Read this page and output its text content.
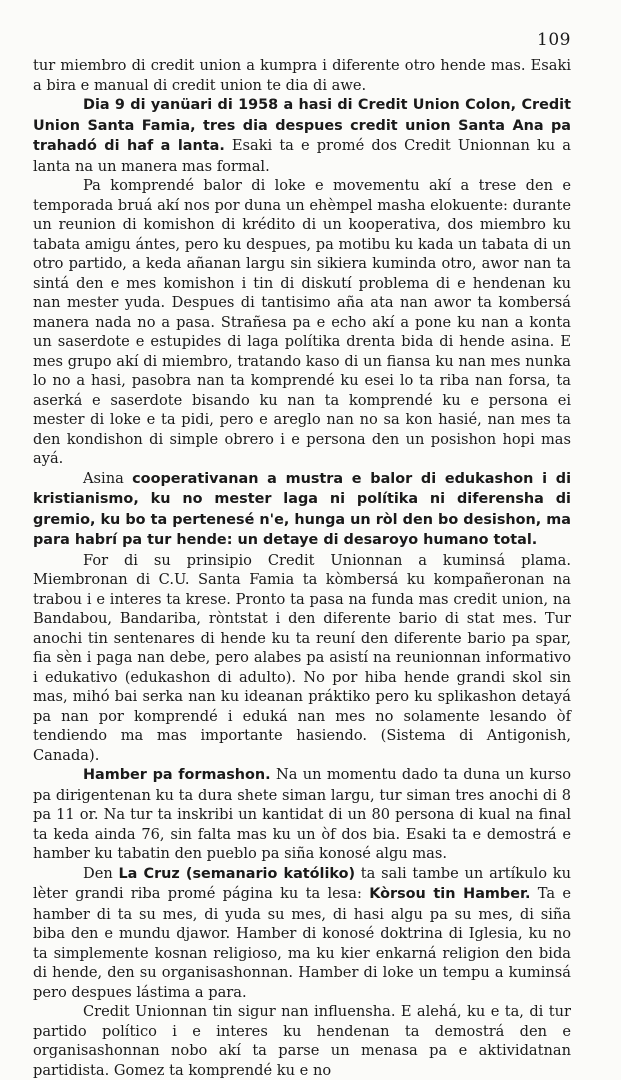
109

tur miembro di credit union a kumpra i diferente otro hende mas. Esaki a bira e manual di credit union te dia di awe.

Dia 9 di yanüari di 1958 a hasi di Credit Union Colon, Credit Union Santa Famia, tres dia despues credit union Santa Ana pa trahadó di haf a lanta. Esaki ta e promé dos Credit Unionnan ku a lanta na un manera mas formal.

Pa komprendé balor di loke e movementu akí a trese den e temporada bruá akí nos por duna un ehèmpel masha elokuente: durante un reunion di komishon di krédito di un kooperativa, dos miembro ku tabata amigu ántes, pero ku despues, pa motibu ku kada un tabata di un otro partido, a keda añanan largu sin sikiera kuminda otro, awor nan ta sintá den e mes komishon i tin di diskutí problema di e hendenan ku nan mester yuda. Despues di tantisimo aña ata nan awor ta kombersá manera nada no a pasa. Strañesa pa e echo akí a pone ku nan a konta un saserdote e estupides di laga polítika drenta bida di hende asina. E mes grupo akí di miembro, tratando kaso di un fiansa ku nan mes nunka lo no a hasi, pasobra nan ta komprendé ku esei lo ta riba nan forsa, ta aserká e saserdote bisando ku nan ta komprendé ku e persona ei mester di loke e ta pidi, pero e areglo nan no sa kon hasié, nan mes ta den kondishon di simple obrero i e persona den un posishon hopi mas ayá.

Asina cooperativanan a mustra e balor di edukashon i di kristianismo, ku no mester laga ni polítika ni diferensha di gremio, ku bo ta pertenesé n'e, hunga un ròl den bo desishon, ma para habrí pa tur hende: un detaye di desaroyo humano total.

For di su prinsipio Credit Unionnan a kuminsá plama. Miembronan di C.U. Santa Famia ta kòmbersá ku kompañeronan na trabou i e interes ta krese. Pronto ta pasa na funda mas credit union, na Bandabou, Bandariba, ròntstat i den diferente bario di stat mes. Tur anochi tin sentenares di hende ku ta reuní den diferente bario pa spar, fia sèn i paga nan debe, pero alabes pa asistí na reunionnan informativo i edukativo (edukashon di adulto). No por hiba hende grandi skol sin mas, mihó bai serka nan ku ideanan práktiko pero ku splikashon detayá pa nan por komprendé i eduká nan mes no solamente lesando òf tendiendo ma mas importante hasiendo. (Sistema di Antigonish, Canada).

Hamber pa formashon. Na un momentu dado ta duna un kurso pa dirigentenan ku ta dura shete siman largu, tur siman tres anochi di 8 pa 11 or. Na tur ta inskribi un kantidat di un 80 persona di kual na final ta keda ainda 76, sin falta mas ku un òf dos bia. Esaki ta e demostrá e hamber ku tabatin den pueblo pa siña konosé algu mas.

Den La Cruz (semanario katóliko) ta sali tambe un artíkulo ku lèter grandi riba promé página ku ta lesa: Kòrsou tin Hamber. Ta e hamber di ta su mes, di yuda su mes, di hasi algu pa su mes, di siña biba den e mundu djawor. Hamber di konosé doktrina di Iglesia, ku no ta simplemente kosnan religioso, ma ku kier enkarná religion den bida di hende, den su organisashonnan. Hamber di loke un tempu a kuminsá pero despues lástima a para.

Credit Unionnan tin sigur nan influensha. E alehá, ku e ta, di tur partido político i e interes ku hendenan ta demostrá den e organisashonnan nobo akí ta parse un menasa pa e aktividatnan partidista. Gomez ta komprendé ku e no
